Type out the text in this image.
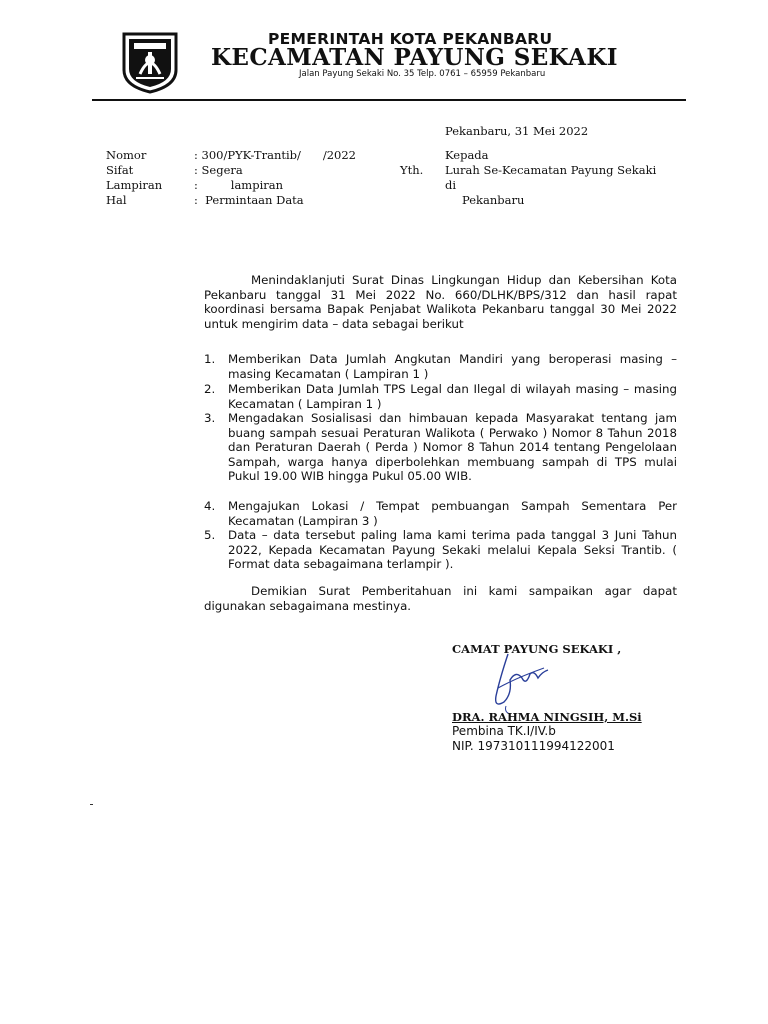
PEMERINTAH KOTA PEKANBARU
KECAMATAN PAYUNG SEKAKI
Jalan Payung Sekaki No. 35 Telp. 0761 – 65959 Pekanbaru
Pekanbaru, 31 Mei 2022
Nomor	: 300/PYK-Trantib/      /2022
Sifat	: Segera
Lampiran	:         lampiran
Hal	:  Permintaan Data
Yth.
Kepada
Lurah Se-Kecamatan Payung Sekaki
di
Pekanbaru
Menindaklanjuti Surat Dinas Lingkungan Hidup dan Kebersihan Kota Pekanbaru tanggal 31 Mei 2022 No. 660/DLHK/BPS/312 dan hasil rapat koordinasi bersama Bapak Penjabat Walikota Pekanbaru tanggal 30 Mei 2022 untuk mengirim data – data sebagai berikut
1. Memberikan Data Jumlah Angkutan Mandiri yang beroperasi masing – masing Kecamatan ( Lampiran 1 )
2. Memberikan Data Jumlah TPS Legal dan Ilegal di wilayah masing – masing Kecamatan ( Lampiran 1 )
3. Mengadakan Sosialisasi dan himbauan kepada Masyarakat tentang jam buang sampah sesuai Peraturan Walikota ( Perwako ) Nomor 8 Tahun 2018 dan Peraturan Daerah ( Perda ) Nomor 8 Tahun 2014 tentang Pengelolaan Sampah, warga hanya diperbolehkan membuang sampah di TPS mulai Pukul 19.00 WIB hingga Pukul 05.00 WIB.
4. Mengajukan Lokasi / Tempat pembuangan Sampah Sementara Per Kecamatan (Lampiran 3 )
5. Data – data tersebut paling lama kami terima pada tanggal 3 Juni Tahun 2022, Kepada Kecamatan Payung Sekaki melalui Kepala Seksi Trantib. ( Format data sebagaimana terlampir ).
Demikian Surat Pemberitahuan ini kami sampaikan agar dapat digunakan sebagaimana mestinya.
CAMAT PAYUNG SEKAKI ,
DRA. RAHMA NINGSIH, M.Si
Pembina TK.I/IV.b
NIP. 197310111994122001
